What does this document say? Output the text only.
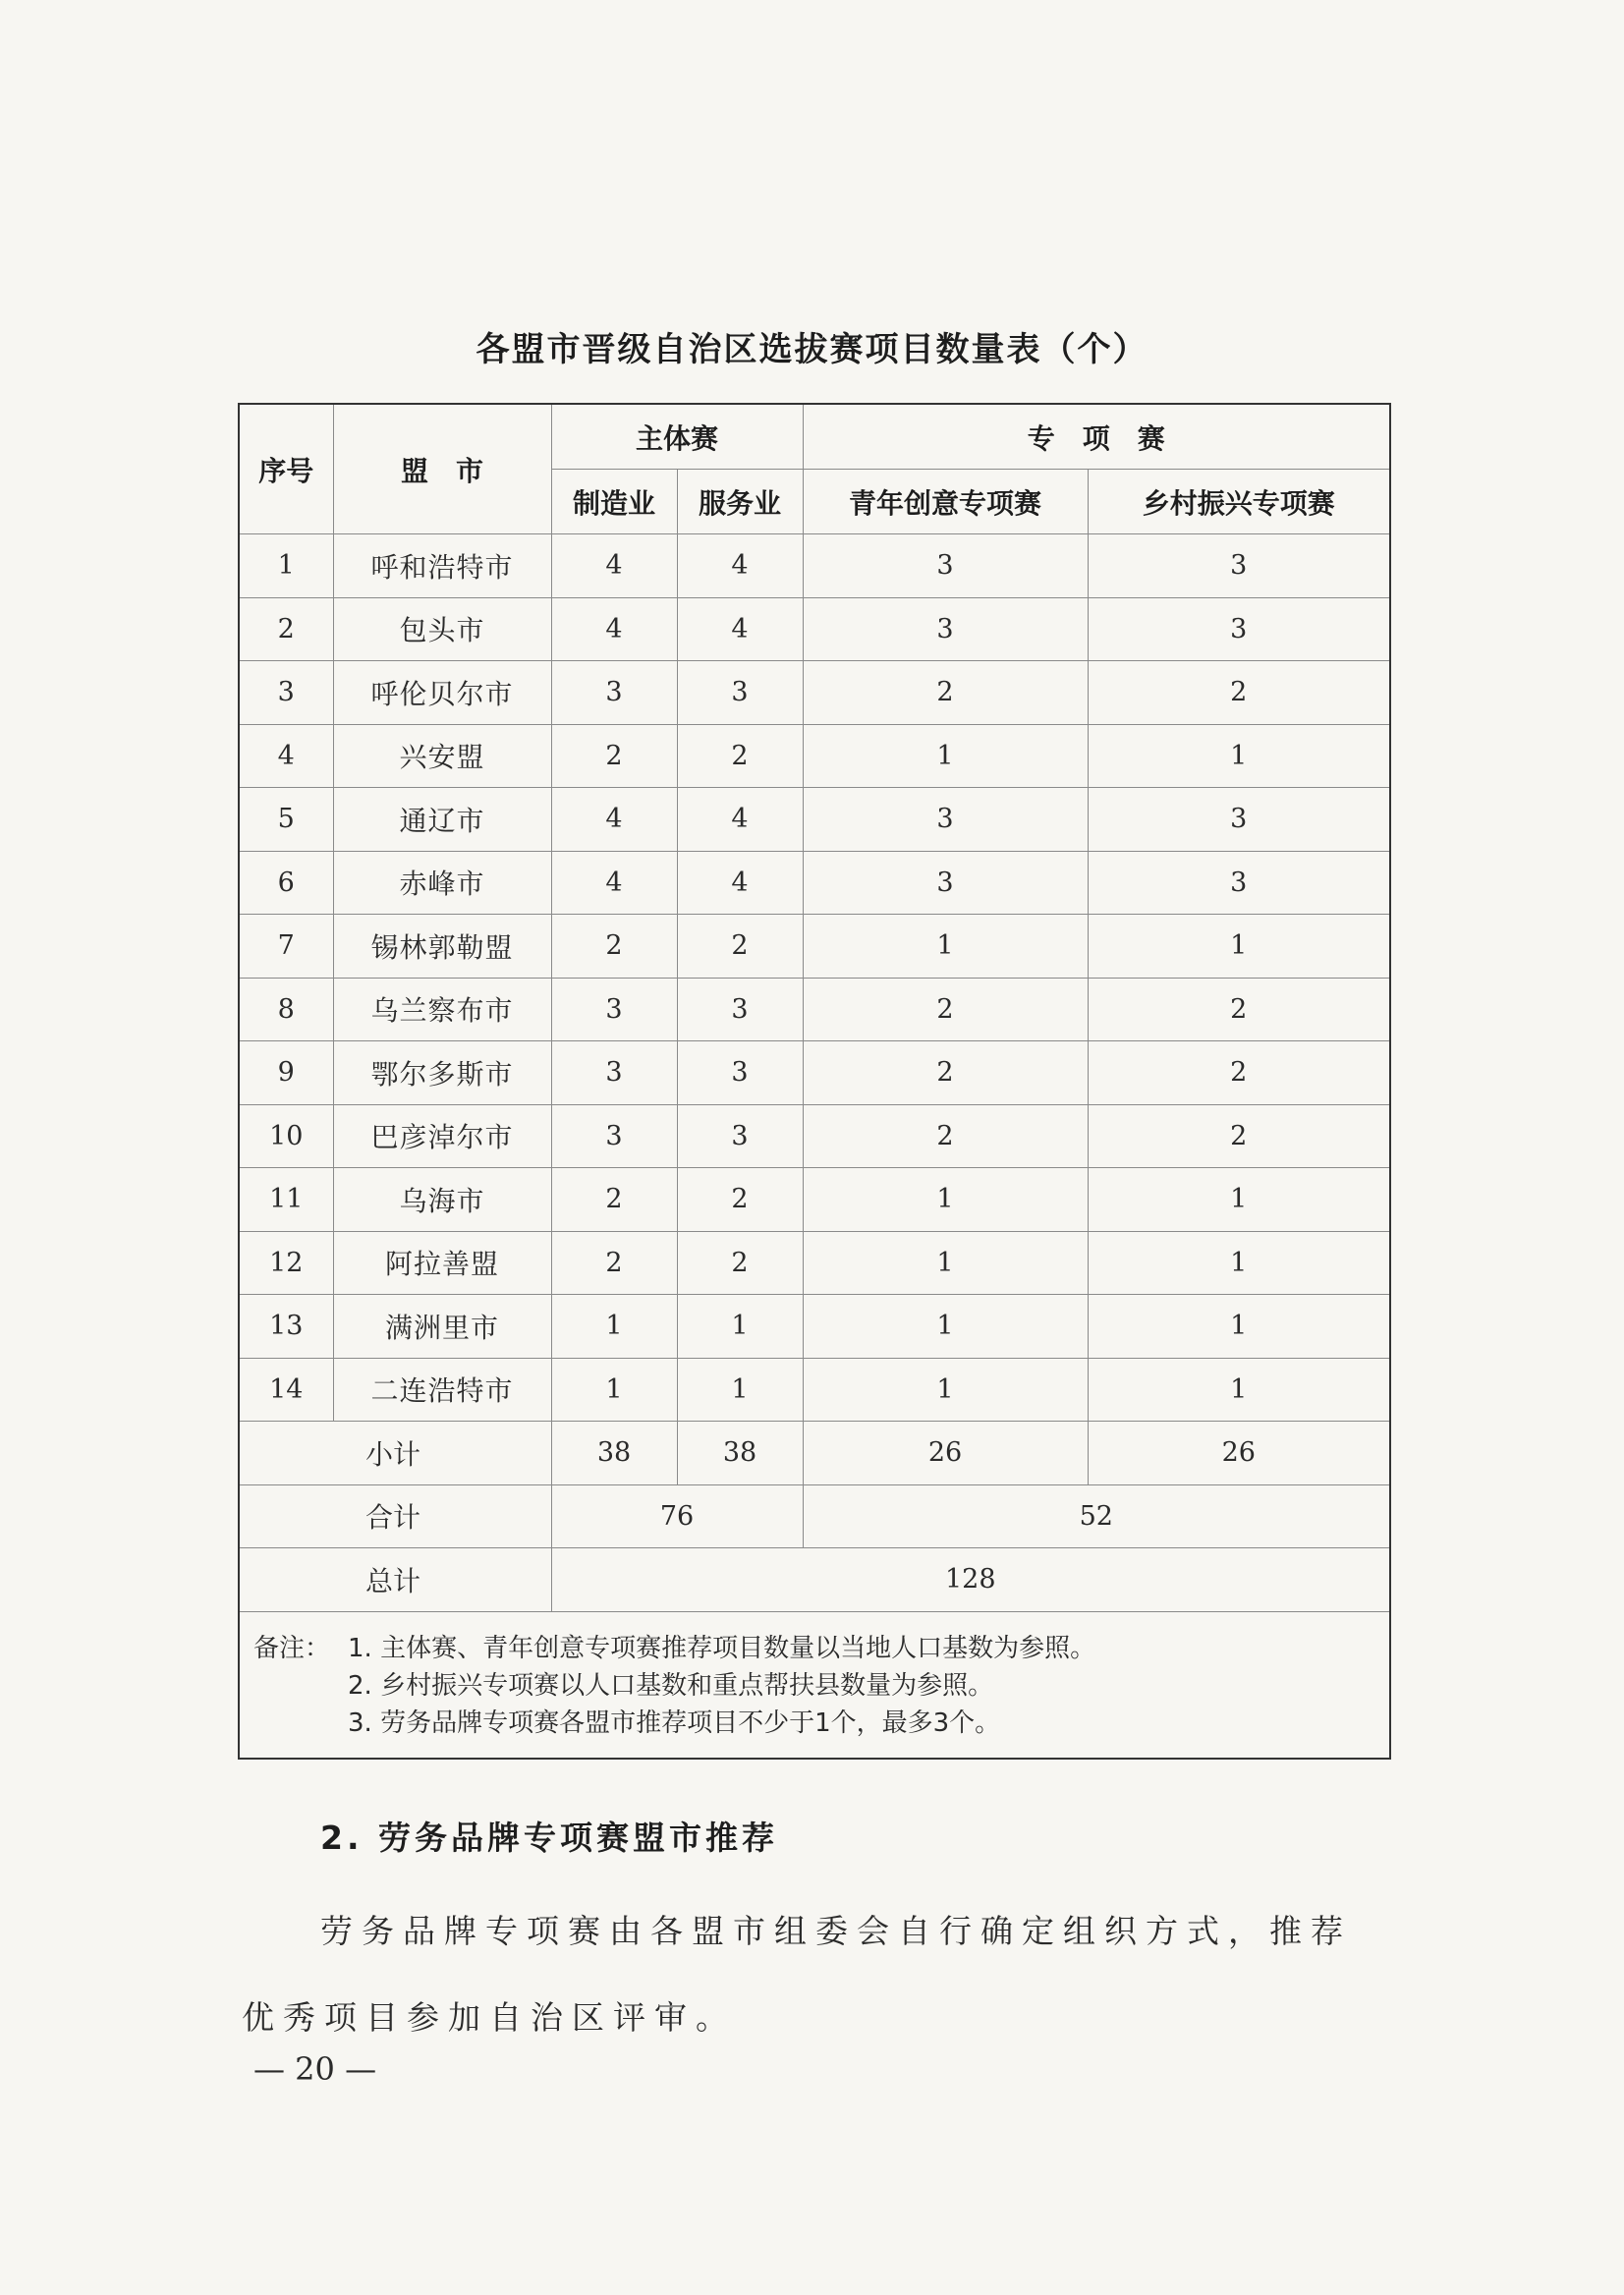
各盟市晋级自治区选拔赛项目数量表（个）
序号	盟　市	主体赛		专　项　赛	
		制造业	服务业	青年创意专项赛	乡村振兴专项赛
1	呼和浩特市	4	4	3	3
2	包头市	4	4	3	3
3	呼伦贝尔市	3	3	2	2
4	兴安盟	2	2	1	1
5	通辽市	4	4	3	3
6	赤峰市	4	4	3	3
7	锡林郭勒盟	2	2	1	1
8	乌兰察布市	3	3	2	2
9	鄂尔多斯市	3	3	2	2
10	巴彦淖尔市	3	3	2	2
11	乌海市	2	2	1	1
12	阿拉善盟	2	2	1	1
13	满洲里市	1	1	1	1
14	二连浩特市	1	1	1	1
小计		38	38	26	26
合计		76		52	
总计		128			

备注： 1. 主体赛、青年创意专项赛推荐项目数量以当地人口基数为参照。
2. 乡村振兴专项赛以人口基数和重点帮扶县数量为参照。
3. 劳务品牌专项赛各盟市推荐项目不少于1个，最多3个。					
2. 劳务品牌专项赛盟市推荐

劳务品牌专项赛由各盟市组委会自行确定组织方式，推荐优秀项目参加自治区评审。

— 20 —
